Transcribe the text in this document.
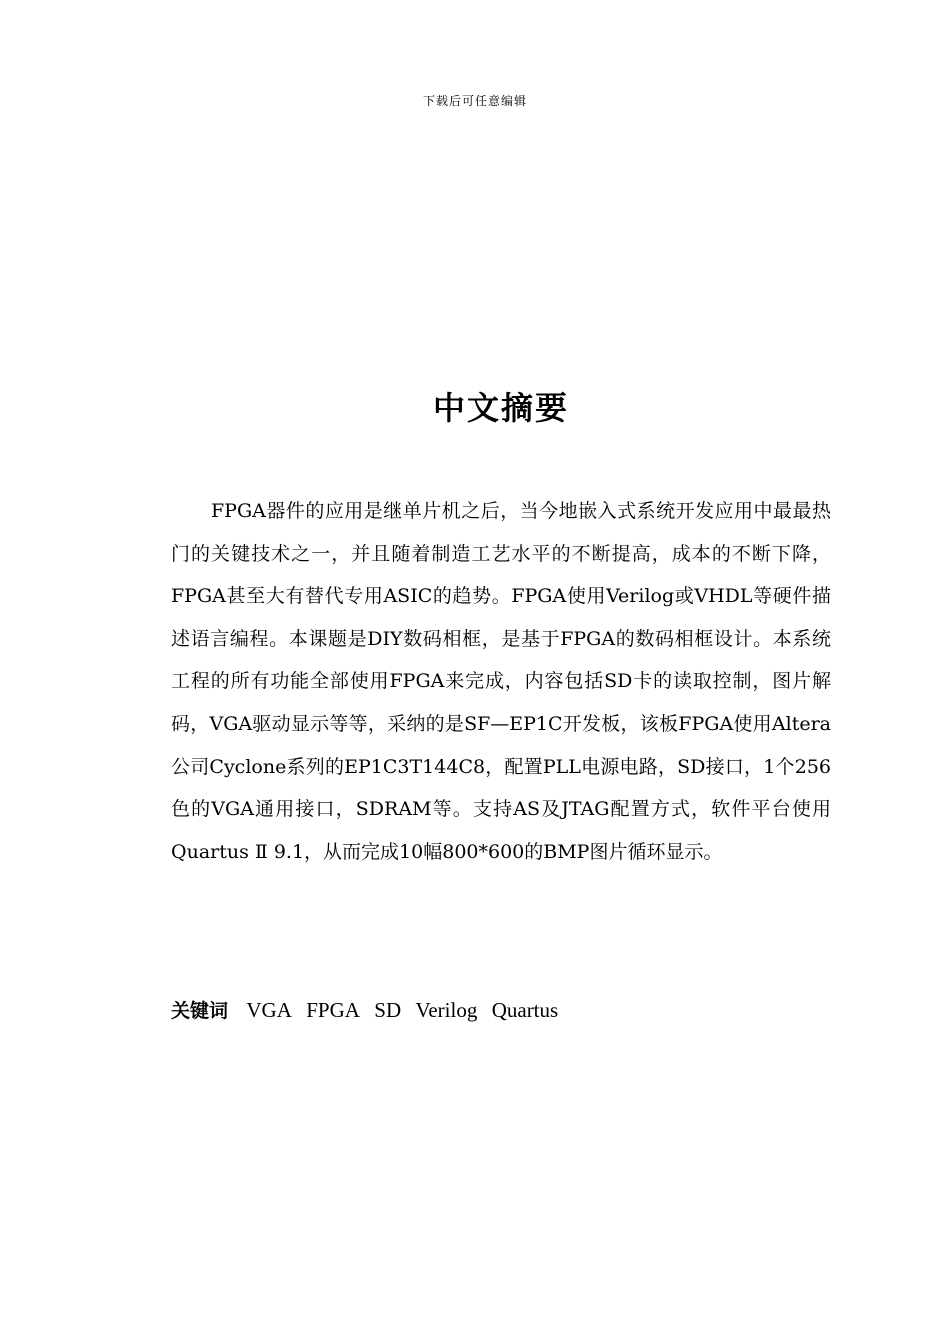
下载后可任意编辑
中文摘要

FPGA器件的应用是继单片机之后，当今地嵌入式系统开发应用中最最热门的关键技术之一，并且随着制造工艺水平的不断提高，成本的不断下降，FPGA甚至大有替代专用ASIC的趋势。FPGA使用Verilog或VHDL等硬件描述语言编程。本课题是DIY数码相框，是基于FPGA的数码相框设计。本系统工程的所有功能全部使用FPGA来完成，内容包括SD卡的读取控制，图片解码，VGA驱动显示等等，采纳的是SF—EP1C开发板，该板FPGA使用Altera公司Cyclone系列的EP1C3T144C8，配置PLL电源电路，SD接口，1个256色的VGA通用接口，SDRAM等。支持AS及JTAG配置方式，软件平台使用Quartus Ⅱ 9.1，从而完成10幅800*600的BMP图片循环显示。

关键词 VGA FPGA SD Verilog Quartus
